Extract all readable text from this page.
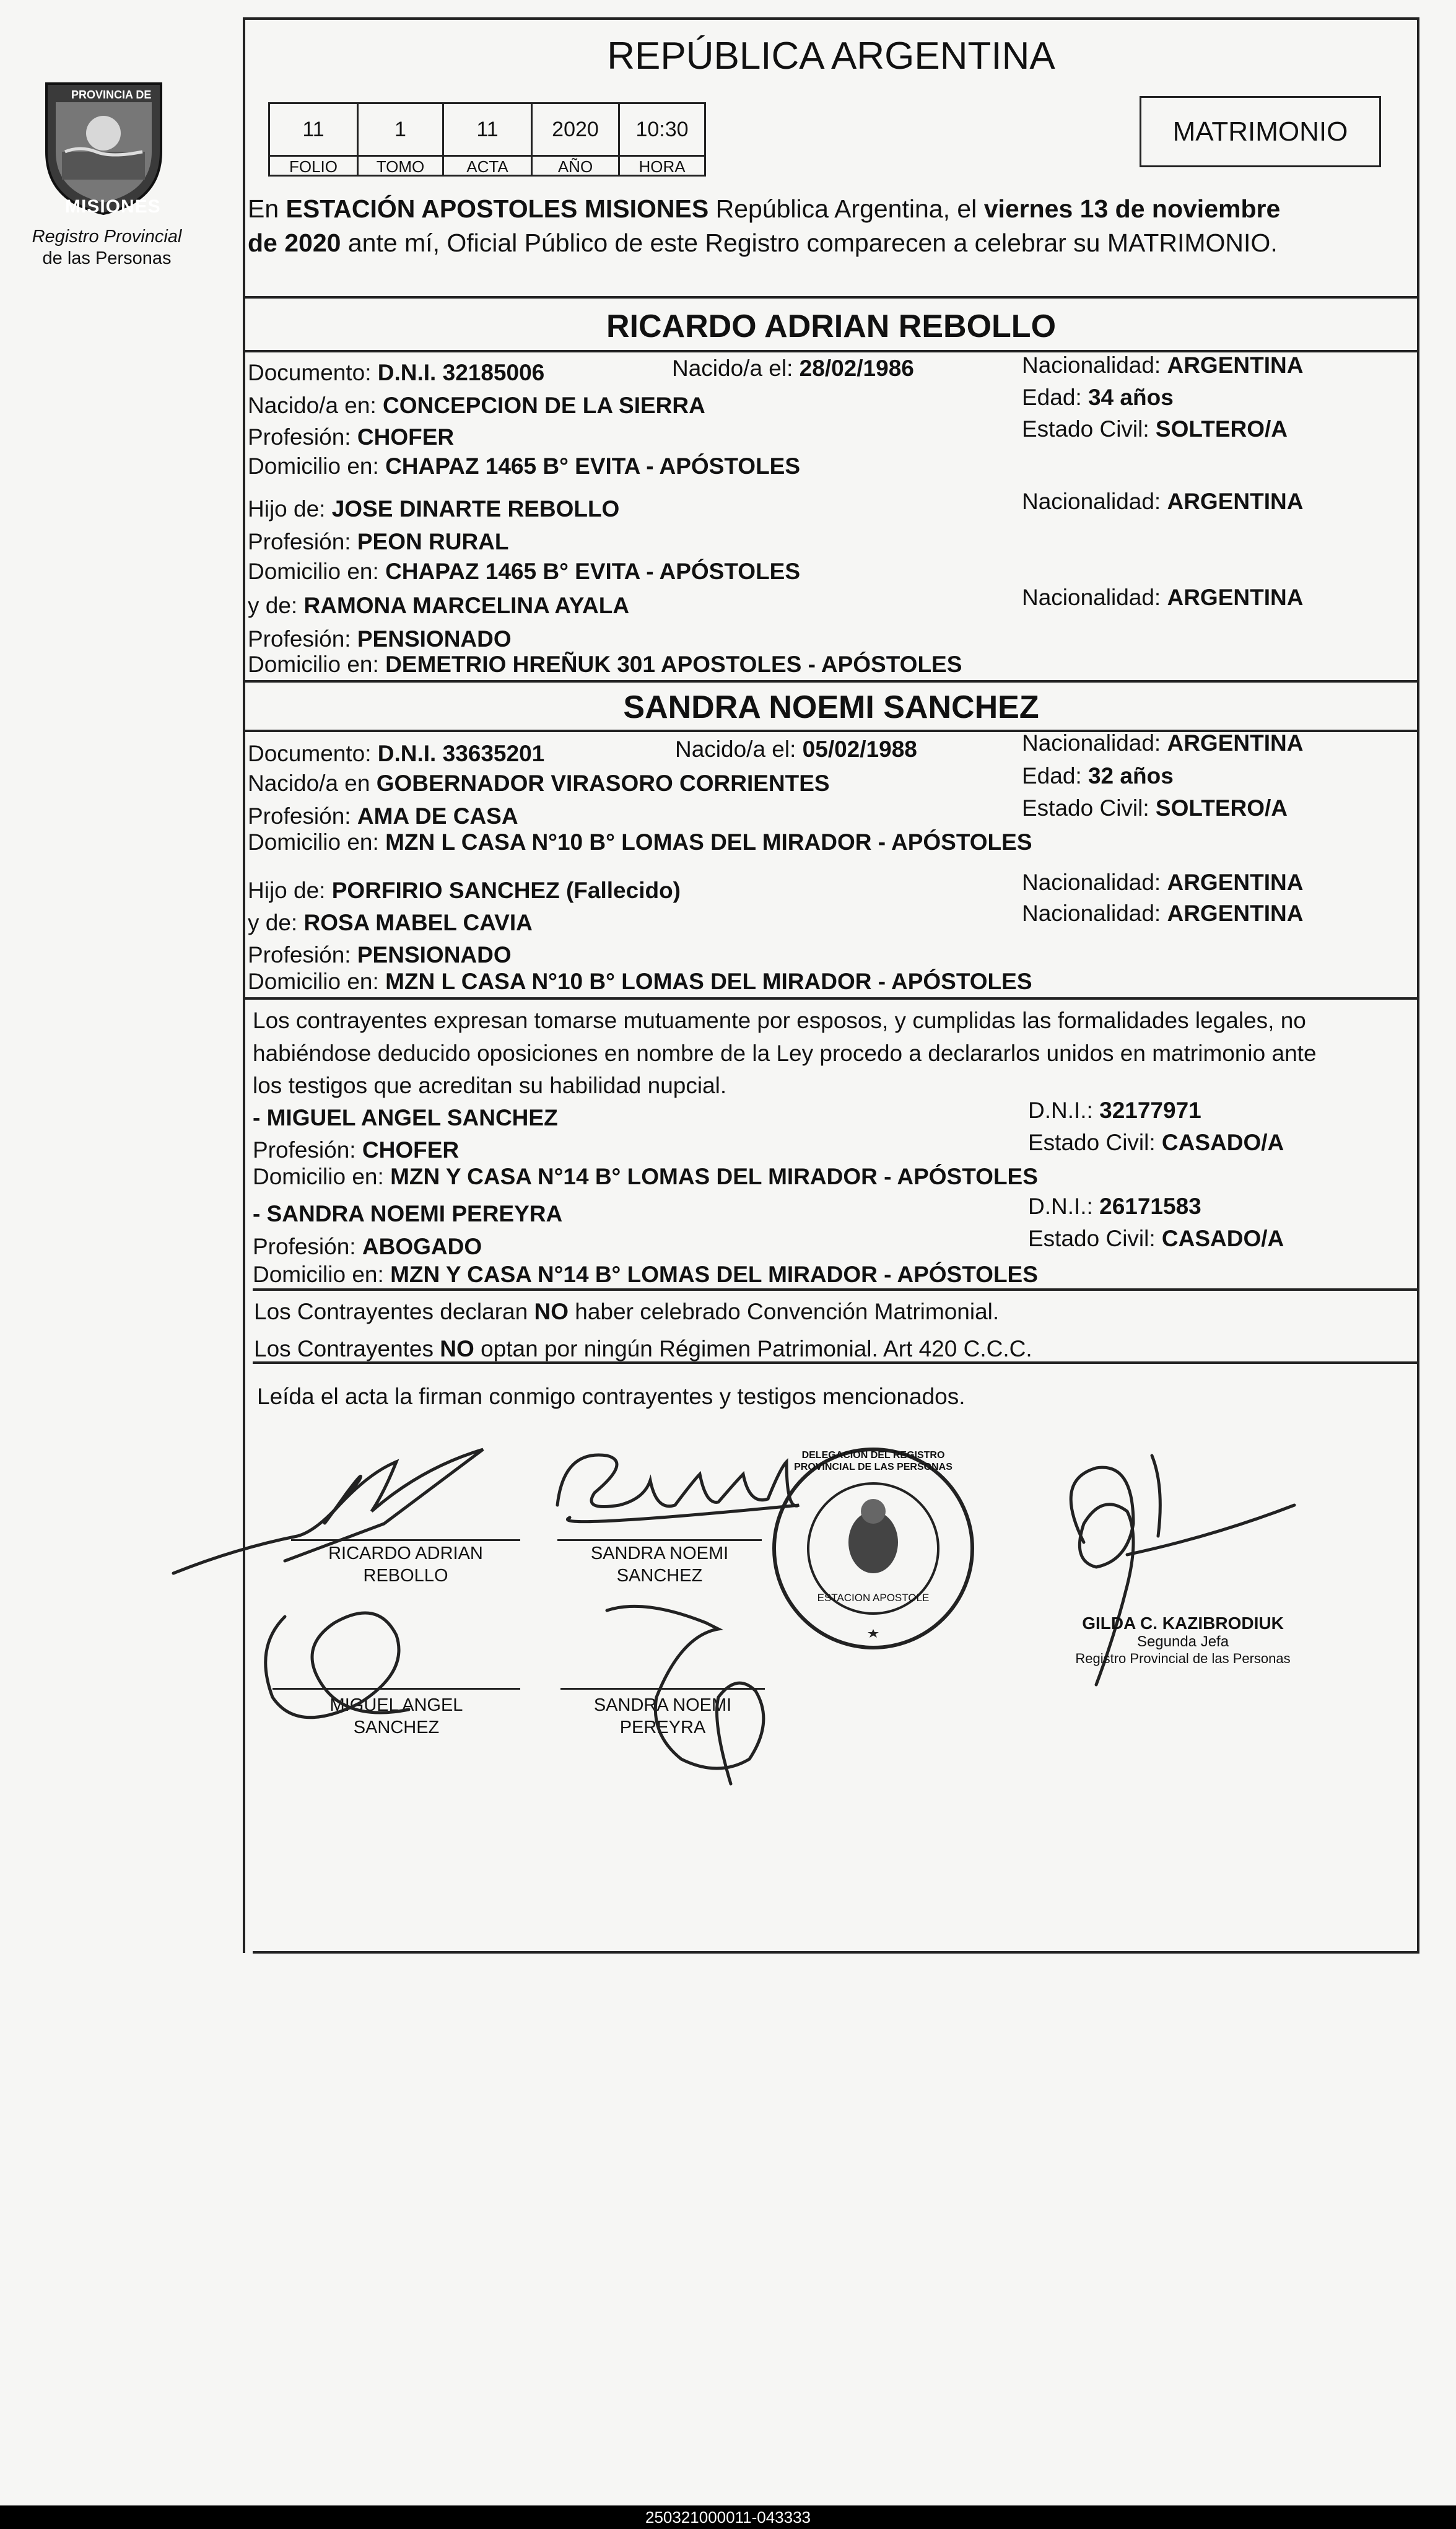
PROVINCIA DE
MISIONES
Registro Provincial
de las Personas
REPÚBLICA ARGENTINA
11	1	11	2020	10:30
FOLIO	TOMO	ACTA	AÑO	HORA
MATRIMONIO
En ESTACIÓN APOSTOLES MISIONES República Argentina, el viernes 13 de noviembre
de 2020 ante mí, Oficial Público de este Registro comparecen a celebrar su MATRIMONIO.
RICARDO ADRIAN REBOLLO
Documento: D.N.I. 32185006	Nacido/a el: 28/02/1986	Nacionalidad: ARGENTINA
Nacido/a en: CONCEPCION DE LA SIERRA	Edad: 34 años
Profesión: CHOFER	Estado Civil: SOLTERO/A
Domicilio en: CHAPAZ 1465 B° EVITA - APÓSTOLES
Hijo de: JOSE DINARTE REBOLLO	Nacionalidad: ARGENTINA
Profesión: PEON RURAL
Domicilio en: CHAPAZ 1465 B° EVITA - APÓSTOLES
y de: RAMONA MARCELINA AYALA	Nacionalidad: ARGENTINA
Profesión: PENSIONADO
Domicilio en: DEMETRIO HREÑUK 301 APOSTOLES - APÓSTOLES
SANDRA NOEMI SANCHEZ
Documento: D.N.I. 33635201	Nacido/a el: 05/02/1988	Nacionalidad: ARGENTINA
Nacido/a en GOBERNADOR VIRASORO CORRIENTES	Edad: 32 años
Profesión: AMA DE CASA	Estado Civil: SOLTERO/A
Domicilio en: MZN L CASA N°10 B° LOMAS DEL MIRADOR - APÓSTOLES
Hijo de: PORFIRIO SANCHEZ (Fallecido)	Nacionalidad: ARGENTINA
y de: ROSA MABEL CAVIA	Nacionalidad: ARGENTINA
Profesión: PENSIONADO
Domicilio en: MZN L CASA N°10 B° LOMAS DEL MIRADOR - APÓSTOLES
Los contrayentes expresan tomarse mutuamente por esposos, y cumplidas las formalidades legales, no
habiéndose deducido oposiciones en nombre de la Ley procedo a declararlos unidos en matrimonio ante
los testigos que acreditan su habilidad nupcial.
- MIGUEL ANGEL SANCHEZ	D.N.I.: 32177971
Profesión: CHOFER	Estado Civil: CASADO/A
Domicilio en: MZN Y CASA N°14 B° LOMAS DEL MIRADOR - APÓSTOLES
- SANDRA NOEMI PEREYRA	D.N.I.: 26171583
Profesión: ABOGADO	Estado Civil: CASADO/A
Domicilio en: MZN Y CASA N°14 B° LOMAS DEL MIRADOR - APÓSTOLES
Los Contrayentes declaran NO haber celebrado Convención Matrimonial.
Los Contrayentes NO optan por ningún Régimen Patrimonial. Art 420 C.C.C.
Leída el acta la firman conmigo contrayentes y testigos mencionados.
RICARDO ADRIAN
REBOLLO
SANDRA NOEMI
SANCHEZ
MIGUEL ANGEL
SANCHEZ
SANDRA NOEMI
PEREYRA
DELEGACION DEL REGISTRO PROVINCIAL DE LAS PERSONAS
ESTACION APOSTOLE
GILDA C. KAZIBRODIUK
Segunda Jefa
Registro Provincial de las Personas
250321000011-043333
